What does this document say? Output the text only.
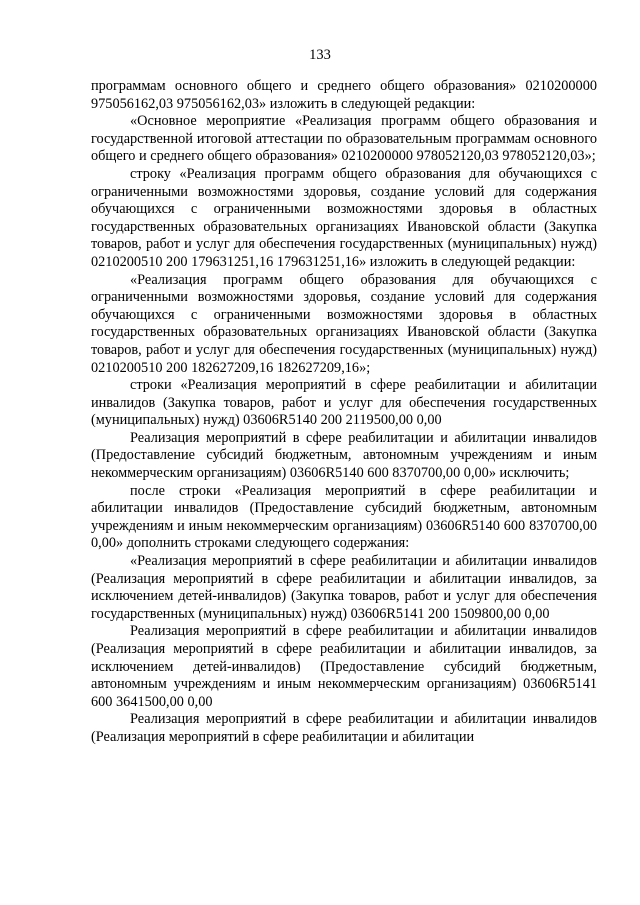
133

программам основного общего и среднего общего образования» 0210200000 975056162,03 975056162,03» изложить в следующей редакции:

«Основное мероприятие «Реализация программ общего образования и государственной итоговой аттестации по образовательным программам основного общего и среднего общего образования» 0210200000 978052120,03 978052120,03»;

строку «Реализация программ общего образования для обучающихся с ограниченными возможностями здоровья, создание условий для содержания обучающихся с ограниченными возможностями здоровья в областных государственных образовательных организациях Ивановской области (Закупка товаров, работ и услуг для обеспечения государственных (муниципальных) нужд) 0210200510 200 179631251,16 179631251,16» изложить в следующей редакции:

«Реализация программ общего образования для обучающихся с ограниченными возможностями здоровья, создание условий для содержания обучающихся с ограниченными возможностями здоровья в областных государственных образовательных организациях Ивановской области (Закупка товаров, работ и услуг для обеспечения государственных (муниципальных) нужд) 0210200510 200 182627209,16 182627209,16»;

строки «Реализация мероприятий в сфере реабилитации и абилитации инвалидов (Закупка товаров, работ и услуг для обеспечения государственных (муниципальных) нужд) 03606R5140 200 2119500,00 0,00

Реализация мероприятий в сфере реабилитации и абилитации инвалидов (Предоставление субсидий бюджетным, автономным учреждениям и иным некоммерческим организациям) 03606R5140 600 8370700,00 0,00» исключить;

после строки «Реализация мероприятий в сфере реабилитации и абилитации инвалидов (Предоставление субсидий бюджетным, автономным учреждениям и иным некоммерческим организациям) 03606R5140 600 8370700,00 0,00» дополнить строками следующего содержания:

«Реализация мероприятий в сфере реабилитации и абилитации инвалидов (Реализация мероприятий в сфере реабилитации и абилитации инвалидов, за исключением детей-инвалидов) (Закупка товаров, работ и услуг для обеспечения государственных (муниципальных) нужд) 03606R5141 200 1509800,00 0,00

Реализация мероприятий в сфере реабилитации и абилитации инвалидов (Реализация мероприятий в сфере реабилитации и абилитации инвалидов, за исключением детей-инвалидов) (Предоставление субсидий бюджетным, автономным учреждениям и иным некоммерческим организациям) 03606R5141 600 3641500,00 0,00

Реализация мероприятий в сфере реабилитации и абилитации инвалидов (Реализация мероприятий в сфере реабилитации и абилитации
